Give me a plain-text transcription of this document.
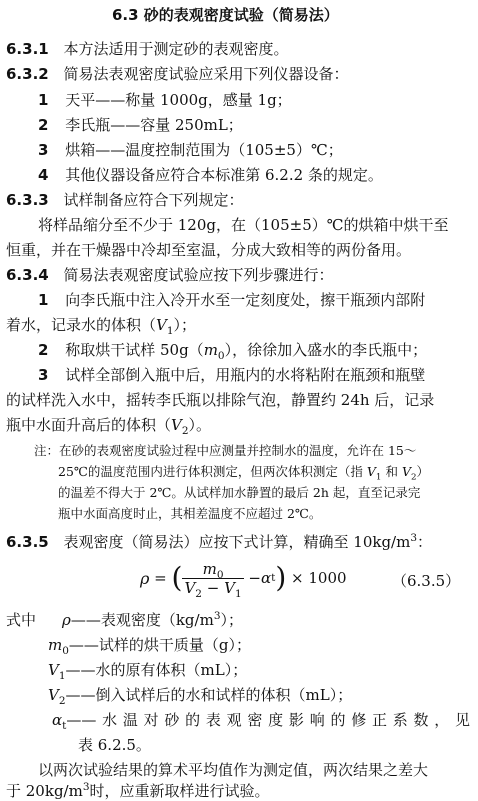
6.3 砂的表观密度试验（简易法）
6.3.1 本方法适用于测定砂的表观密度。
6.3.2 简易法表观密度试验应采用下列仪器设备：
1 天平——称量 1000g，感量 1g；
2 李氏瓶——容量 250mL；
3 烘箱——温度控制范围为（105±5）℃；
4 其他仪器设备应符合本标准第 6.2.2 条的规定。
6.3.3 试样制备应符合下列规定：
将样品缩分至不少于 120g，在（105±5）℃的烘箱中烘干至
恒重，并在干燥器中冷却至室温，分成大致相等的两份备用。
6.3.4 简易法表观密度试验应按下列步骤进行：
1 向李氏瓶中注入冷开水至一定刻度处，擦干瓶颈内部附
着水，记录水的体积$(V_1)$；
2 称取烘干试样 $50g(m_0)$，徐徐加入盛水的李氏瓶中；
3 试样全部倒入瓶中后，用瓶内的水将粘附在瓶颈和瓶壁
的试样洗入水中，摇转李氏瓶以排除气泡，静置约 24h 后，记录
瓶中水面升高后的体积$(V_2)$。
注：在砂的表观密度试验过程中应测量并控制水的温度，允许在 15～
25℃的温度范围内进行体积测定，但两次体积测定（指 $V_1$ 和 $V_2$）
的温差不得大于 2℃。从试样加水静置的最后 2h 起，直至记录完
瓶中水面高度时止，其相差温度不应超过 2℃。
6.3.5 表观密度（简易法）应按下式计算，精确至 $10kg/m^3$：
ρ = ( $\frac{m_0}{V_2 - V_1} - \alpha$ t ) × 1000	（6.3.5）
式中 ρ——表观密度$(kg/m^3)$；
$m_0——$试样的烘干质量（g）；
$V_1——$水的原有体积（mL）；
$V_2——$倒入试样后的水和试样的体积（mL）；
$\alpha_t——$水温对砂的表观密度影响的修正系数，见
表 6.2.5。
以两次试验结果的算术平均值作为测定值，两次结果之差大
于 $20kg/m^3$时，应重新取样进行试验。
